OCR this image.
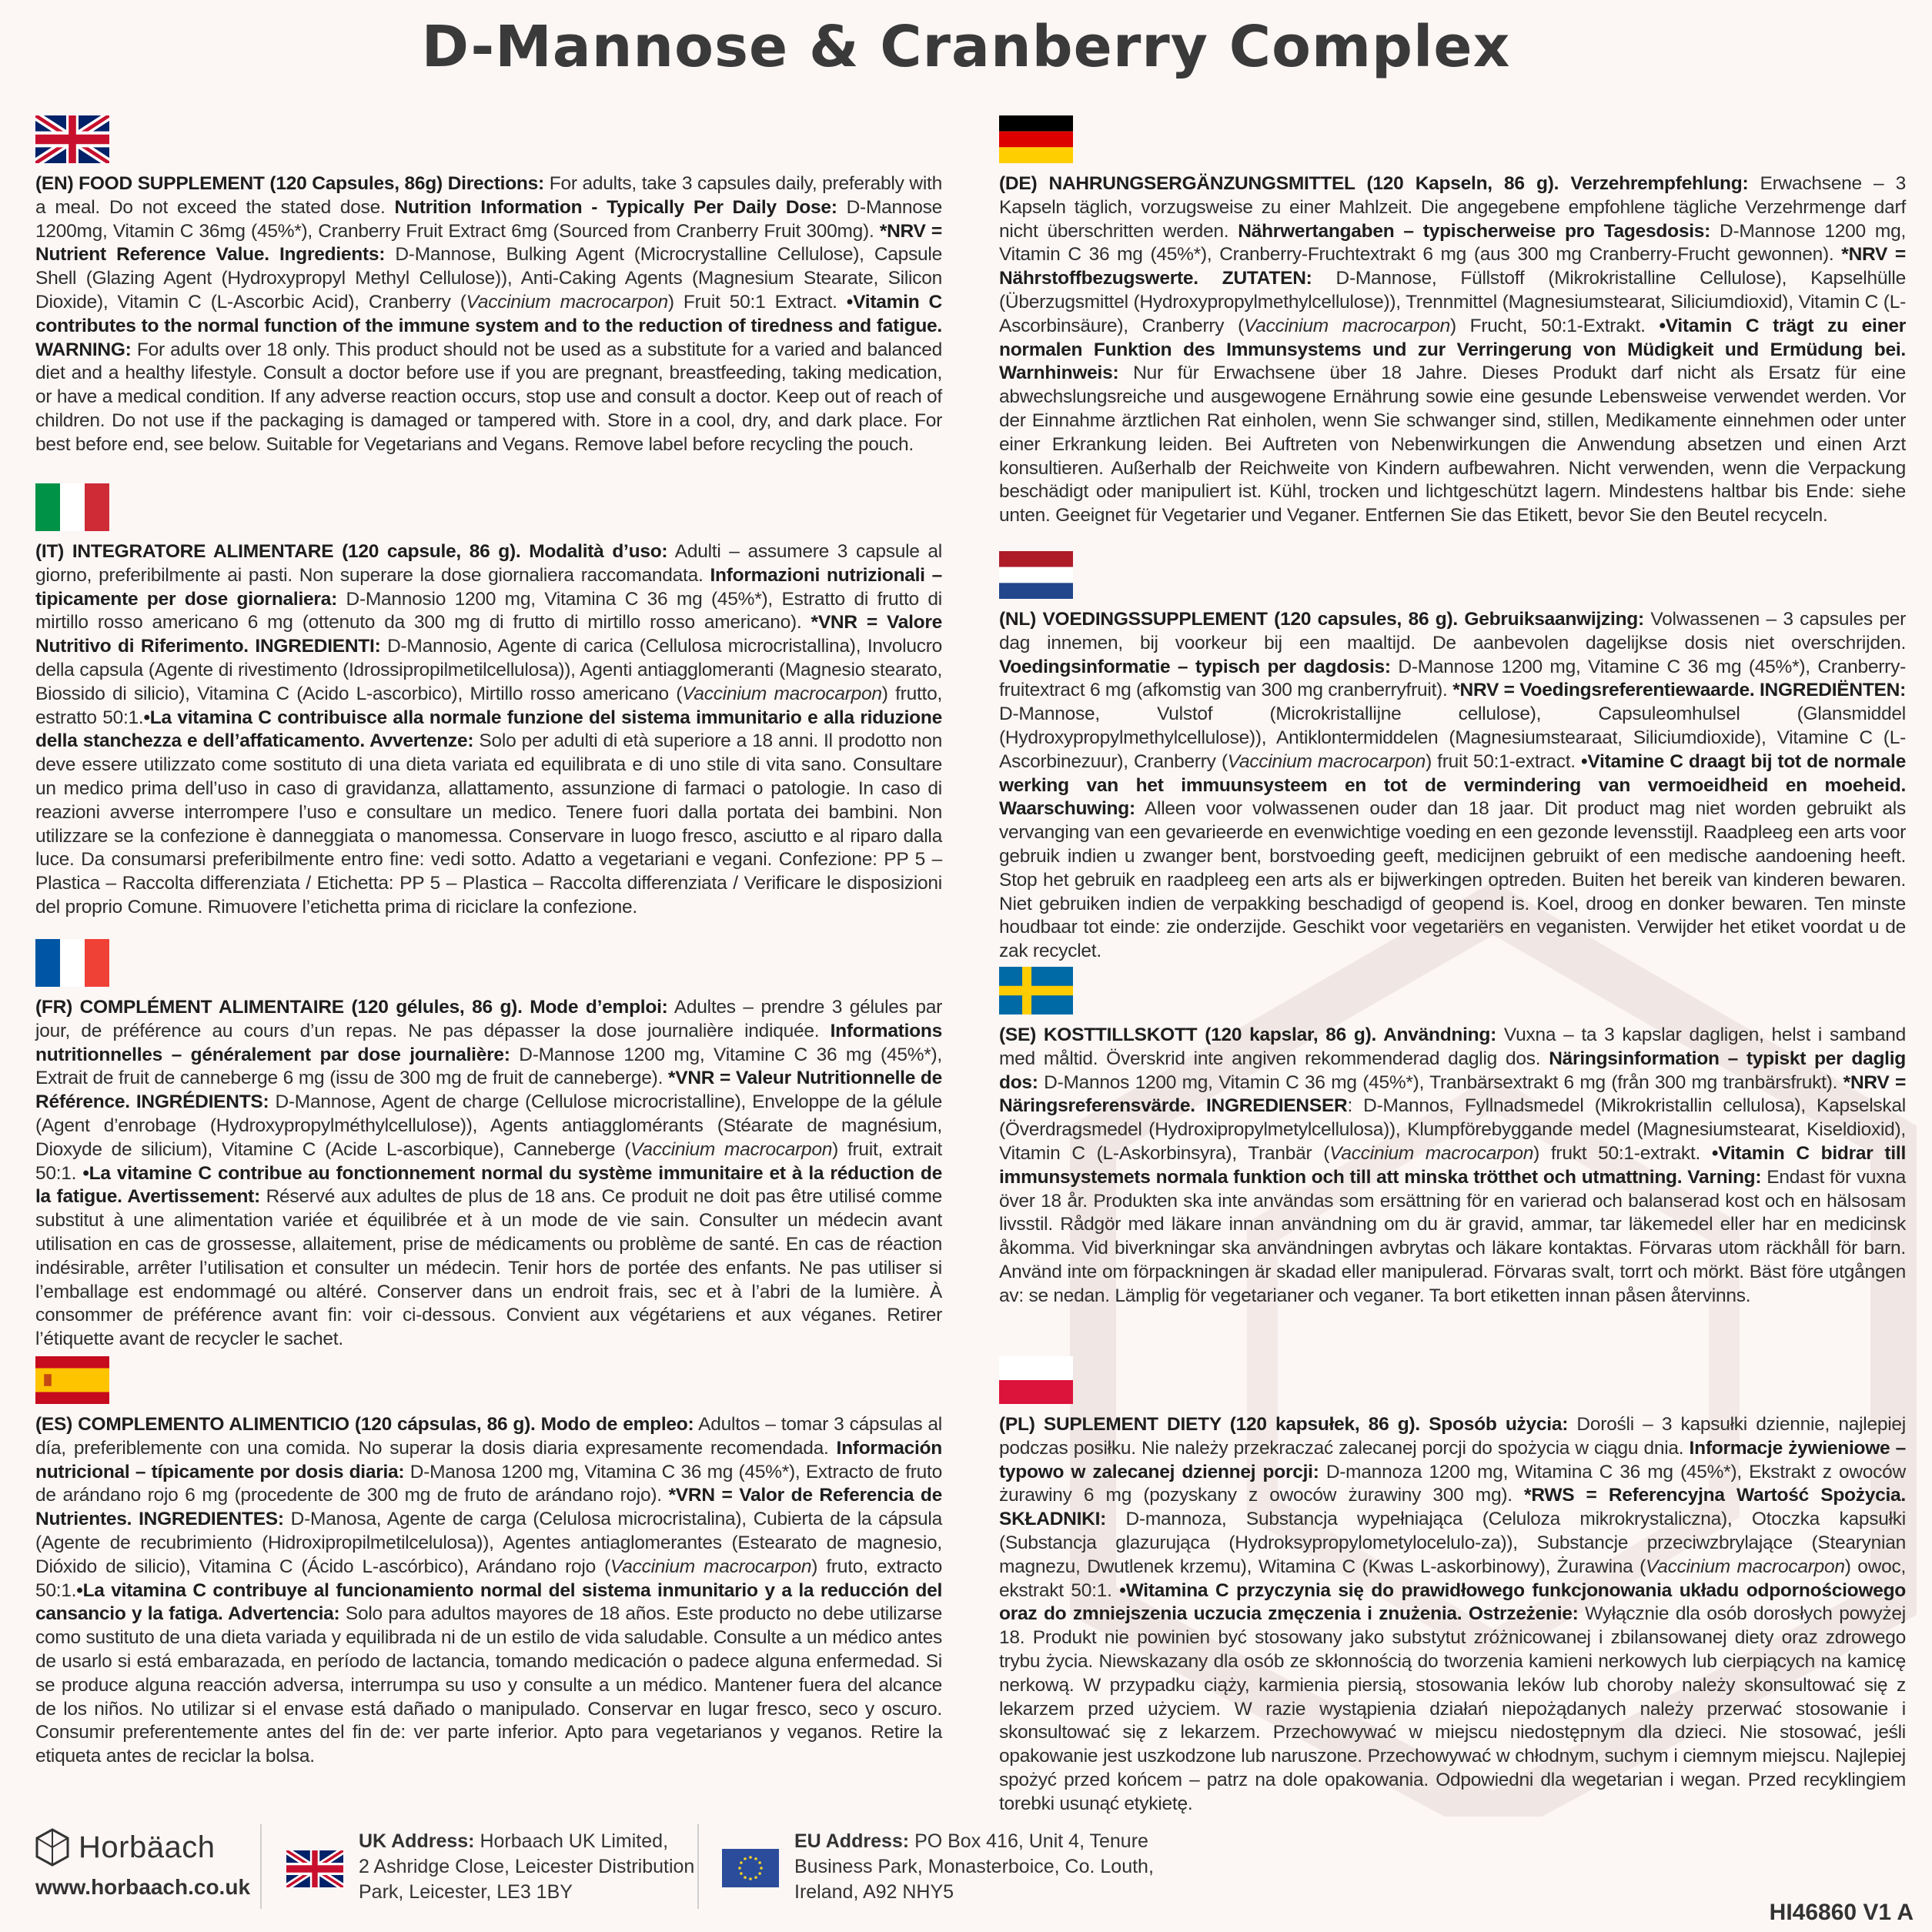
D-Mannose & Cranberry Complex

(EN) FOOD SUPPLEMENT (120 Capsules, 86g) Directions: For adults, take 3 capsules daily, preferably with a meal. Do not exceed the stated dose. Nutrition Information - Typically Per Daily Dose: D-Mannose 1200mg, Vitamin C 36mg (45%*), Cranberry Fruit Extract 6mg (Sourced from Cranberry Fruit 300mg). *NRV = Nutrient Reference Value. Ingredients: D-Mannose, Bulking Agent (Microcrystalline Cellulose), Capsule Shell (Glazing Agent (Hydroxypropyl Methyl Cellulose)), Anti-Caking Agents (Magnesium Stearate, Silicon Dioxide), Vitamin C (L-Ascorbic Acid), Cranberry (Vaccinium macrocarpon) Fruit 50:1 Extract. •Vitamin C contributes to the normal function of the immune system and to the reduction of tiredness and fatigue. WARNING: For adults over 18 only. This product should not be used as a substitute for a varied and balanced diet and a healthy lifestyle. Consult a doctor before use if you are pregnant, breastfeeding, taking medication, or have a medical condition. If any adverse reaction occurs, stop use and consult a doctor. Keep out of reach of children. Do not use if the packaging is damaged or tampered with. Store in a cool, dry, and dark place. For best before end, see below. Suitable for Vegetarians and Vegans. Remove label before recycling the pouch.

(IT) INTEGRATORE ALIMENTARE (120 capsule, 86 g). Modalità d’uso: Adulti – assumere 3 capsule al giorno, preferibilmente ai pasti. Non superare la dose giornaliera raccomandata. Informazioni nutrizionali – tipicamente per dose giornaliera: D-Mannosio 1200 mg, Vitamina C 36 mg (45%*), Estratto di frutto di mirtillo rosso americano 6 mg (ottenuto da 300 mg di frutto di mirtillo rosso americano). *VNR = Valore Nutritivo di Riferimento. INGREDIENTI: D-Mannosio, Agente di carica (Cellulosa microcristallina), Involucro della capsula (Agente di rivestimento (Idrossipropilmetilcellulosa)), Agenti antiagglomeranti (Magnesio stearato, Biossido di silicio), Vitamina C (Acido L-ascorbico), Mirtillo rosso americano (Vaccinium macrocarpon) frutto, estratto 50:1.•La vitamina C contribuisce alla normale funzione del sistema immunitario e alla riduzione della stanchezza e dell’affaticamento. Avvertenze: Solo per adulti di età superiore a 18 anni. Il prodotto non deve essere utilizzato come sostituto di una dieta variata ed equilibrata e di uno stile di vita sano. Consultare un medico prima dell’uso in caso di gravidanza, allattamento, assunzione di farmaci o patologie. In caso di reazioni avverse interrompere l’uso e consultare un medico. Tenere fuori dalla portata dei bambini. Non utilizzare se la confezione è danneggiata o manomessa. Conservare in luogo fresco, asciutto e al riparo dalla luce. Da consumarsi preferibilmente entro fine: vedi sotto. Adatto a vegetariani e vegani. Confezione: PP 5 – Plastica – Raccolta differenziata / Etichetta: PP 5 – Plastica – Raccolta differenziata / Verificare le disposizioni del proprio Comune. Rimuovere l’etichetta prima di riciclare la confezione.

(FR) COMPLÉMENT ALIMENTAIRE (120 gélules, 86 g). Mode d’emploi: Adultes – prendre 3 gélules par jour, de préférence au cours d’un repas. Ne pas dépasser la dose journalière indiquée. Informations nutritionnelles – généralement par dose journalière: D-Mannose 1200 mg, Vitamine C 36 mg (45%*), Extrait de fruit de canneberge 6 mg (issu de 300 mg de fruit de canneberge). *VNR = Valeur Nutritionnelle de Référence. INGRÉDIENTS: D-Mannose, Agent de charge (Cellulose microcristalline), Enveloppe de la gélule (Agent d’enrobage (Hydroxypropylméthylcellulose)), Agents antiagglomérants (Stéarate de magnésium, Dioxyde de silicium), Vitamine C (Acide L-ascorbique), Canneberge (Vaccinium macrocarpon) fruit, extrait 50:1. •La vitamine C contribue au fonctionnement normal du système immunitaire et à la réduction de la fatigue. Avertissement: Réservé aux adultes de plus de 18 ans. Ce produit ne doit pas être utilisé comme substitut à une alimentation variée et équilibrée et à un mode de vie sain. Consulter un médecin avant utilisation en cas de grossesse, allaitement, prise de médicaments ou problème de santé. En cas de réaction indésirable, arrêter l’utilisation et consulter un médecin. Tenir hors de portée des enfants. Ne pas utiliser si l’emballage est endommagé ou altéré. Conserver dans un endroit frais, sec et à l’abri de la lumière. À consommer de préférence avant fin: voir ci-dessous. Convient aux végétariens et aux véganes. Retirer l’étiquette avant de recycler le sachet.

(ES) COMPLEMENTO ALIMENTICIO (120 cápsulas, 86 g). Modo de empleo: Adultos – tomar 3 cápsulas al día, preferiblemente con una comida. No superar la dosis diaria expresamente recomendada. Información nutricional – típicamente por dosis diaria: D-Manosa 1200 mg, Vitamina C 36 mg (45%*), Extracto de fruto de arándano rojo 6 mg (procedente de 300 mg de fruto de arándano rojo). *VRN = Valor de Referencia de Nutrientes. INGREDIENTES: D-Manosa, Agente de carga (Celulosa microcristalina), Cubierta de la cápsula (Agente de recubrimiento (Hidroxipropilmetilcelulosa)), Agentes antiaglomerantes (Estearato de magnesio, Dióxido de silicio), Vitamina C (Ácido L-ascórbico), Arándano rojo (Vaccinium macrocarpon) fruto, extracto 50:1.•La vitamina C contribuye al funcionamiento normal del sistema inmunitario y a la reducción del cansancio y la fatiga. Advertencia: Solo para adultos mayores de 18 años. Este producto no debe utilizarse como sustituto de una dieta variada y equilibrada ni de un estilo de vida saludable. Consulte a un médico antes de usarlo si está embarazada, en período de lactancia, tomando medicación o padece alguna enfermedad. Si se produce alguna reacción adversa, interrumpa su uso y consulte a un médico. Mantener fuera del alcance de los niños. No utilizar si el envase está dañado o manipulado. Conservar en lugar fresco, seco y oscuro. Consumir preferentemente antes del fin de: ver parte inferior. Apto para vegetarianos y veganos. Retire la etiqueta antes de reciclar la bolsa.

(DE) NAHRUNGSERGÄNZUNGSMITTEL (120 Kapseln, 86 g). Verzehrempfehlung: Erwachsene – 3 Kapseln täglich, vorzugsweise zu einer Mahlzeit. Die angegebene empfohlene tägliche Verzehrmenge darf nicht überschritten werden. Nährwertangaben – typischerweise pro Tagesdosis: D-Mannose 1200 mg, Vitamin C 36 mg (45%*), Cranberry-Fruchtextrakt 6 mg (aus 300 mg Cranberry-Frucht gewonnen). *NRV = Nährstoffbezugswerte. ZUTATEN: D-Mannose, Füllstoff (Mikrokristalline Cellulose), Kapselhülle (Überzugsmittel (Hydroxypropylmethylcellulose)), Trennmittel (Magnesiumstearat, Siliciumdioxid), Vitamin C (L-Ascorbinsäure), Cranberry (Vaccinium macrocarpon) Frucht, 50:1-Extrakt. •Vitamin C trägt zu einer normalen Funktion des Immunsystems und zur Verringerung von Müdigkeit und Ermüdung bei. Warnhinweis: Nur für Erwachsene über 18 Jahre. Dieses Produkt darf nicht als Ersatz für eine abwechslungsreiche und ausgewogene Ernährung sowie eine gesunde Lebensweise verwendet werden. Vor der Einnahme ärztlichen Rat einholen, wenn Sie schwanger sind, stillen, Medikamente einnehmen oder unter einer Erkrankung leiden. Bei Auftreten von Nebenwirkungen die Anwendung absetzen und einen Arzt konsultieren. Außerhalb der Reichweite von Kindern aufbewahren. Nicht verwenden, wenn die Verpackung beschädigt oder manipuliert ist. Kühl, trocken und lichtgeschützt lagern. Mindestens haltbar bis Ende: siehe unten. Geeignet für Vegetarier und Veganer. Entfernen Sie das Etikett, bevor Sie den Beutel recyceln.

(NL) VOEDINGSSUPPLEMENT (120 capsules, 86 g). Gebruiksaanwijzing: Volwassenen – 3 capsules per dag innemen, bij voorkeur bij een maaltijd. De aanbevolen dagelijkse dosis niet overschrijden. Voedingsinformatie – typisch per dagdosis: D-Mannose 1200 mg, Vitamine C 36 mg (45%*), Cranberry-fruitextract 6 mg (afkomstig van 300 mg cranberryfruit). *NRV = Voedingsreferentiewaarde. INGREDIËNTEN: D-Mannose, Vulstof (Microkristallijne cellulose), Capsuleomhulsel (Glansmiddel (Hydroxypropylmethylcellulose)), Antiklontermiddelen (Magnesiumstearaat, Siliciumdioxide), Vitamine C (L-Ascorbinezuur), Cranberry (Vaccinium macrocarpon) fruit 50:1-extract. •Vitamine C draagt bij tot de normale werking van het immuunsysteem en tot de vermindering van vermoeidheid en moeheid. Waarschuwing: Alleen voor volwassenen ouder dan 18 jaar. Dit product mag niet worden gebruikt als vervanging van een gevarieerde en evenwichtige voeding en een gezonde levensstijl. Raadpleeg een arts voor gebruik indien u zwanger bent, borstvoeding geeft, medicijnen gebruikt of een medische aandoening heeft. Stop het gebruik en raadpleeg een arts als er bijwerkingen optreden. Buiten het bereik van kinderen bewaren. Niet gebruiken indien de verpakking beschadigd of geopend is. Koel, droog en donker bewaren. Ten minste houdbaar tot einde: zie onderzijde. Geschikt voor vegetariërs en veganisten. Verwijder het etiket voordat u de zak recyclet.

(SE) KOSTTILLSKOTT (120 kapslar, 86 g). Användning: Vuxna – ta 3 kapslar dagligen, helst i samband med måltid. Överskrid inte angiven rekommenderad daglig dos. Näringsinformation – typiskt per daglig dos: D-Mannos 1200 mg, Vitamin C 36 mg (45%*), Tranbärsextrakt 6 mg (från 300 mg tranbärsfrukt). *NRV = Näringsreferensvärde. INGREDIENSER: D-Mannos, Fyllnadsmedel (Mikrokristallin cellulosa), Kapselskal (Överdragsmedel (Hydroxipropylmetylcellulosa)), Klumpförebyggande medel (Magnesiumstearat, Kiseldioxid), Vitamin C (L-Askorbinsyra), Tranbär (Vaccinium macrocarpon) frukt 50:1-extrakt. •Vitamin C bidrar till immunsystemets normala funktion och till att minska trötthet och utmattning. Varning: Endast för vuxna över 18 år. Produkten ska inte användas som ersättning för en varierad och balanserad kost och en hälsosam livsstil. Rådgör med läkare innan användning om du är gravid, ammar, tar läkemedel eller har en medicinsk åkomma. Vid biverkningar ska användningen avbrytas och läkare kontaktas. Förvaras utom räckhåll för barn. Använd inte om förpackningen är skadad eller manipulerad. Förvaras svalt, torrt och mörkt. Bäst före utgången av: se nedan. Lämplig för vegetarianer och veganer. Ta bort etiketten innan påsen återvinns.

(PL) SUPLEMENT DIETY (120 kapsułek, 86 g). Sposób użycia: Dorośli – 3 kapsułki dziennie, najlepiej podczas posiłku. Nie należy przekraczać zalecanej porcji do spożycia w ciągu dnia. Informacje żywieniowe – typowo w zalecanej dziennej porcji: D-mannoza 1200 mg, Witamina C 36 mg (45%*), Ekstrakt z owoców żurawiny 6 mg (pozyskany z owoców żurawiny 300 mg). *RWS = Referencyjna Wartość Spożycia. SKŁADNIKI: D-mannoza, Substancja wypełniająca (Celuloza mikrokrystaliczna), Otoczka kapsułki (Substancja glazurująca (Hydroksypropylometylocelulo-za)), Substancje przeciwzbrylające (Stearynian magnezu, Dwutlenek krzemu), Witamina C (Kwas L-askorbinowy), Żurawina (Vaccinium macrocarpon) owoc, ekstrakt 50:1. •Witamina C przyczynia się do prawidłowego funkcjonowania układu odpornościowego oraz do zmniejszenia uczucia zmęczenia i znużenia. Ostrzeżenie: Wyłącznie dla osób dorosłych powyżej 18. Produkt nie powinien być stosowany jako substytut zróżnicowanej i zbilansowanej diety oraz zdrowego trybu życia. Niewskazany dla osób ze skłonnością do tworzenia kamieni nerkowych lub cierpiących na kamicę nerkową. W przypadku ciąży, karmienia piersią, stosowania leków lub choroby należy skonsultować się z lekarzem przed użyciem. W razie wystąpienia działań niepożądanych należy przerwać stosowanie i skonsultować się z lekarzem. Przechowywać w miejscu niedostępnym dla dzieci. Nie stosować, jeśli opakowanie jest uszkodzone lub naruszone. Przechowywać w chłodnym, suchym i ciemnym miejscu. Najlepiej spożyć przed końcem – patrz na dole opakowania. Odpowiedni dla wegetarian i wegan. Przed recyklingiem torebki usunąć etykietę.

Horbäach
www.horbaach.co.uk
UK Address: Horbaach UK Limited,
2 Ashridge Close, Leicester Distribution
Park, Leicester, LE3 1BY
EU Address: PO Box 416, Unit 4, Tenure
Business Park, Monasterboice, Co. Louth,
Ireland, A92 NHY5
HI46860 V1 A
